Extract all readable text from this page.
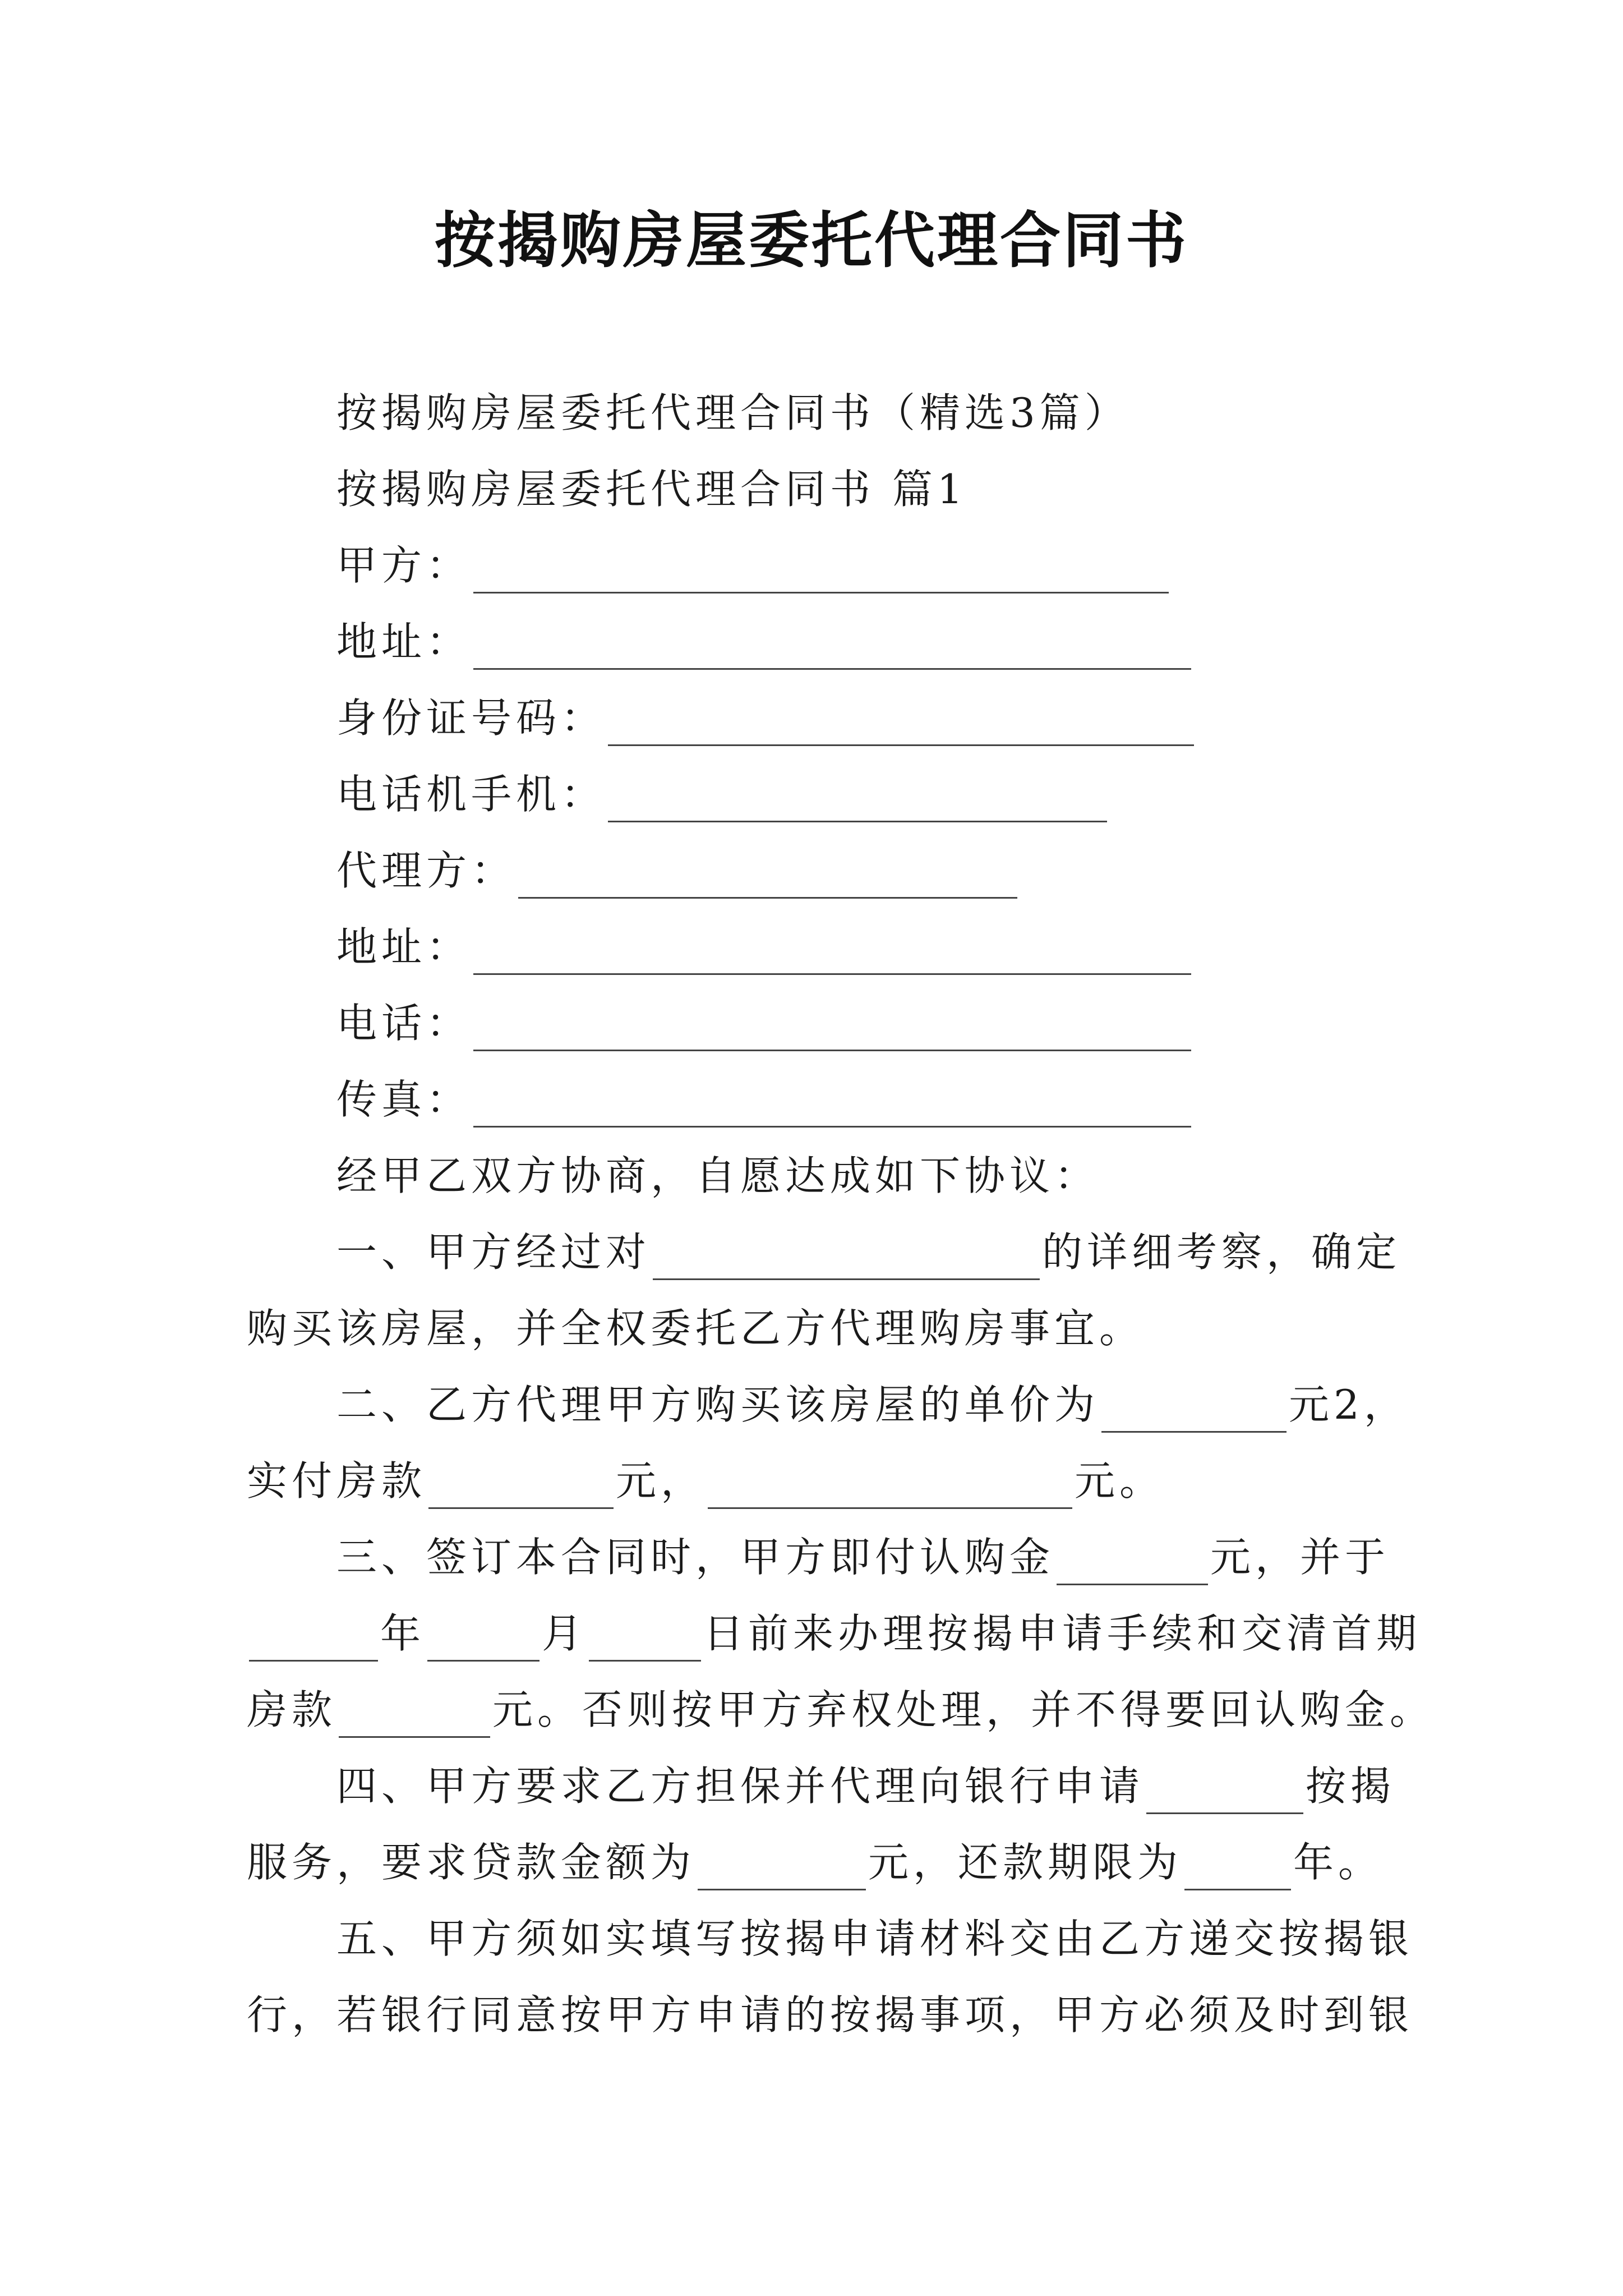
按揭购房屋委托代理合同书
按揭购房屋委托代理合同书（精选3篇）
按揭购房屋委托代理合同书 篇1
甲方：
地址：
身份证号码：
电话机手机：
代理方：
地址：
电话：
传真：
经甲乙双方协商，自愿达成如下协议：
一、甲方经过对	的详细考察，确定
购买该房屋，并全权委托乙方代理购房事宜。
二、乙方代理甲方购买该房屋的单价为	元2，
实付房款	元，	元。
三、签订本合同时，甲方即付认购金	元，并于
年	月	日前来办理按揭申请手续和交清首期
房款	元。否则按甲方弃权处理，并不得要回认购金。
四、甲方要求乙方担保并代理向银行申请	按揭
服务，要求贷款金额为	元，还款期限为	年。
五、甲方须如实填写按揭申请材料交由乙方递交按揭银
行，若银行同意按甲方申请的按揭事项，甲方必须及时到银
